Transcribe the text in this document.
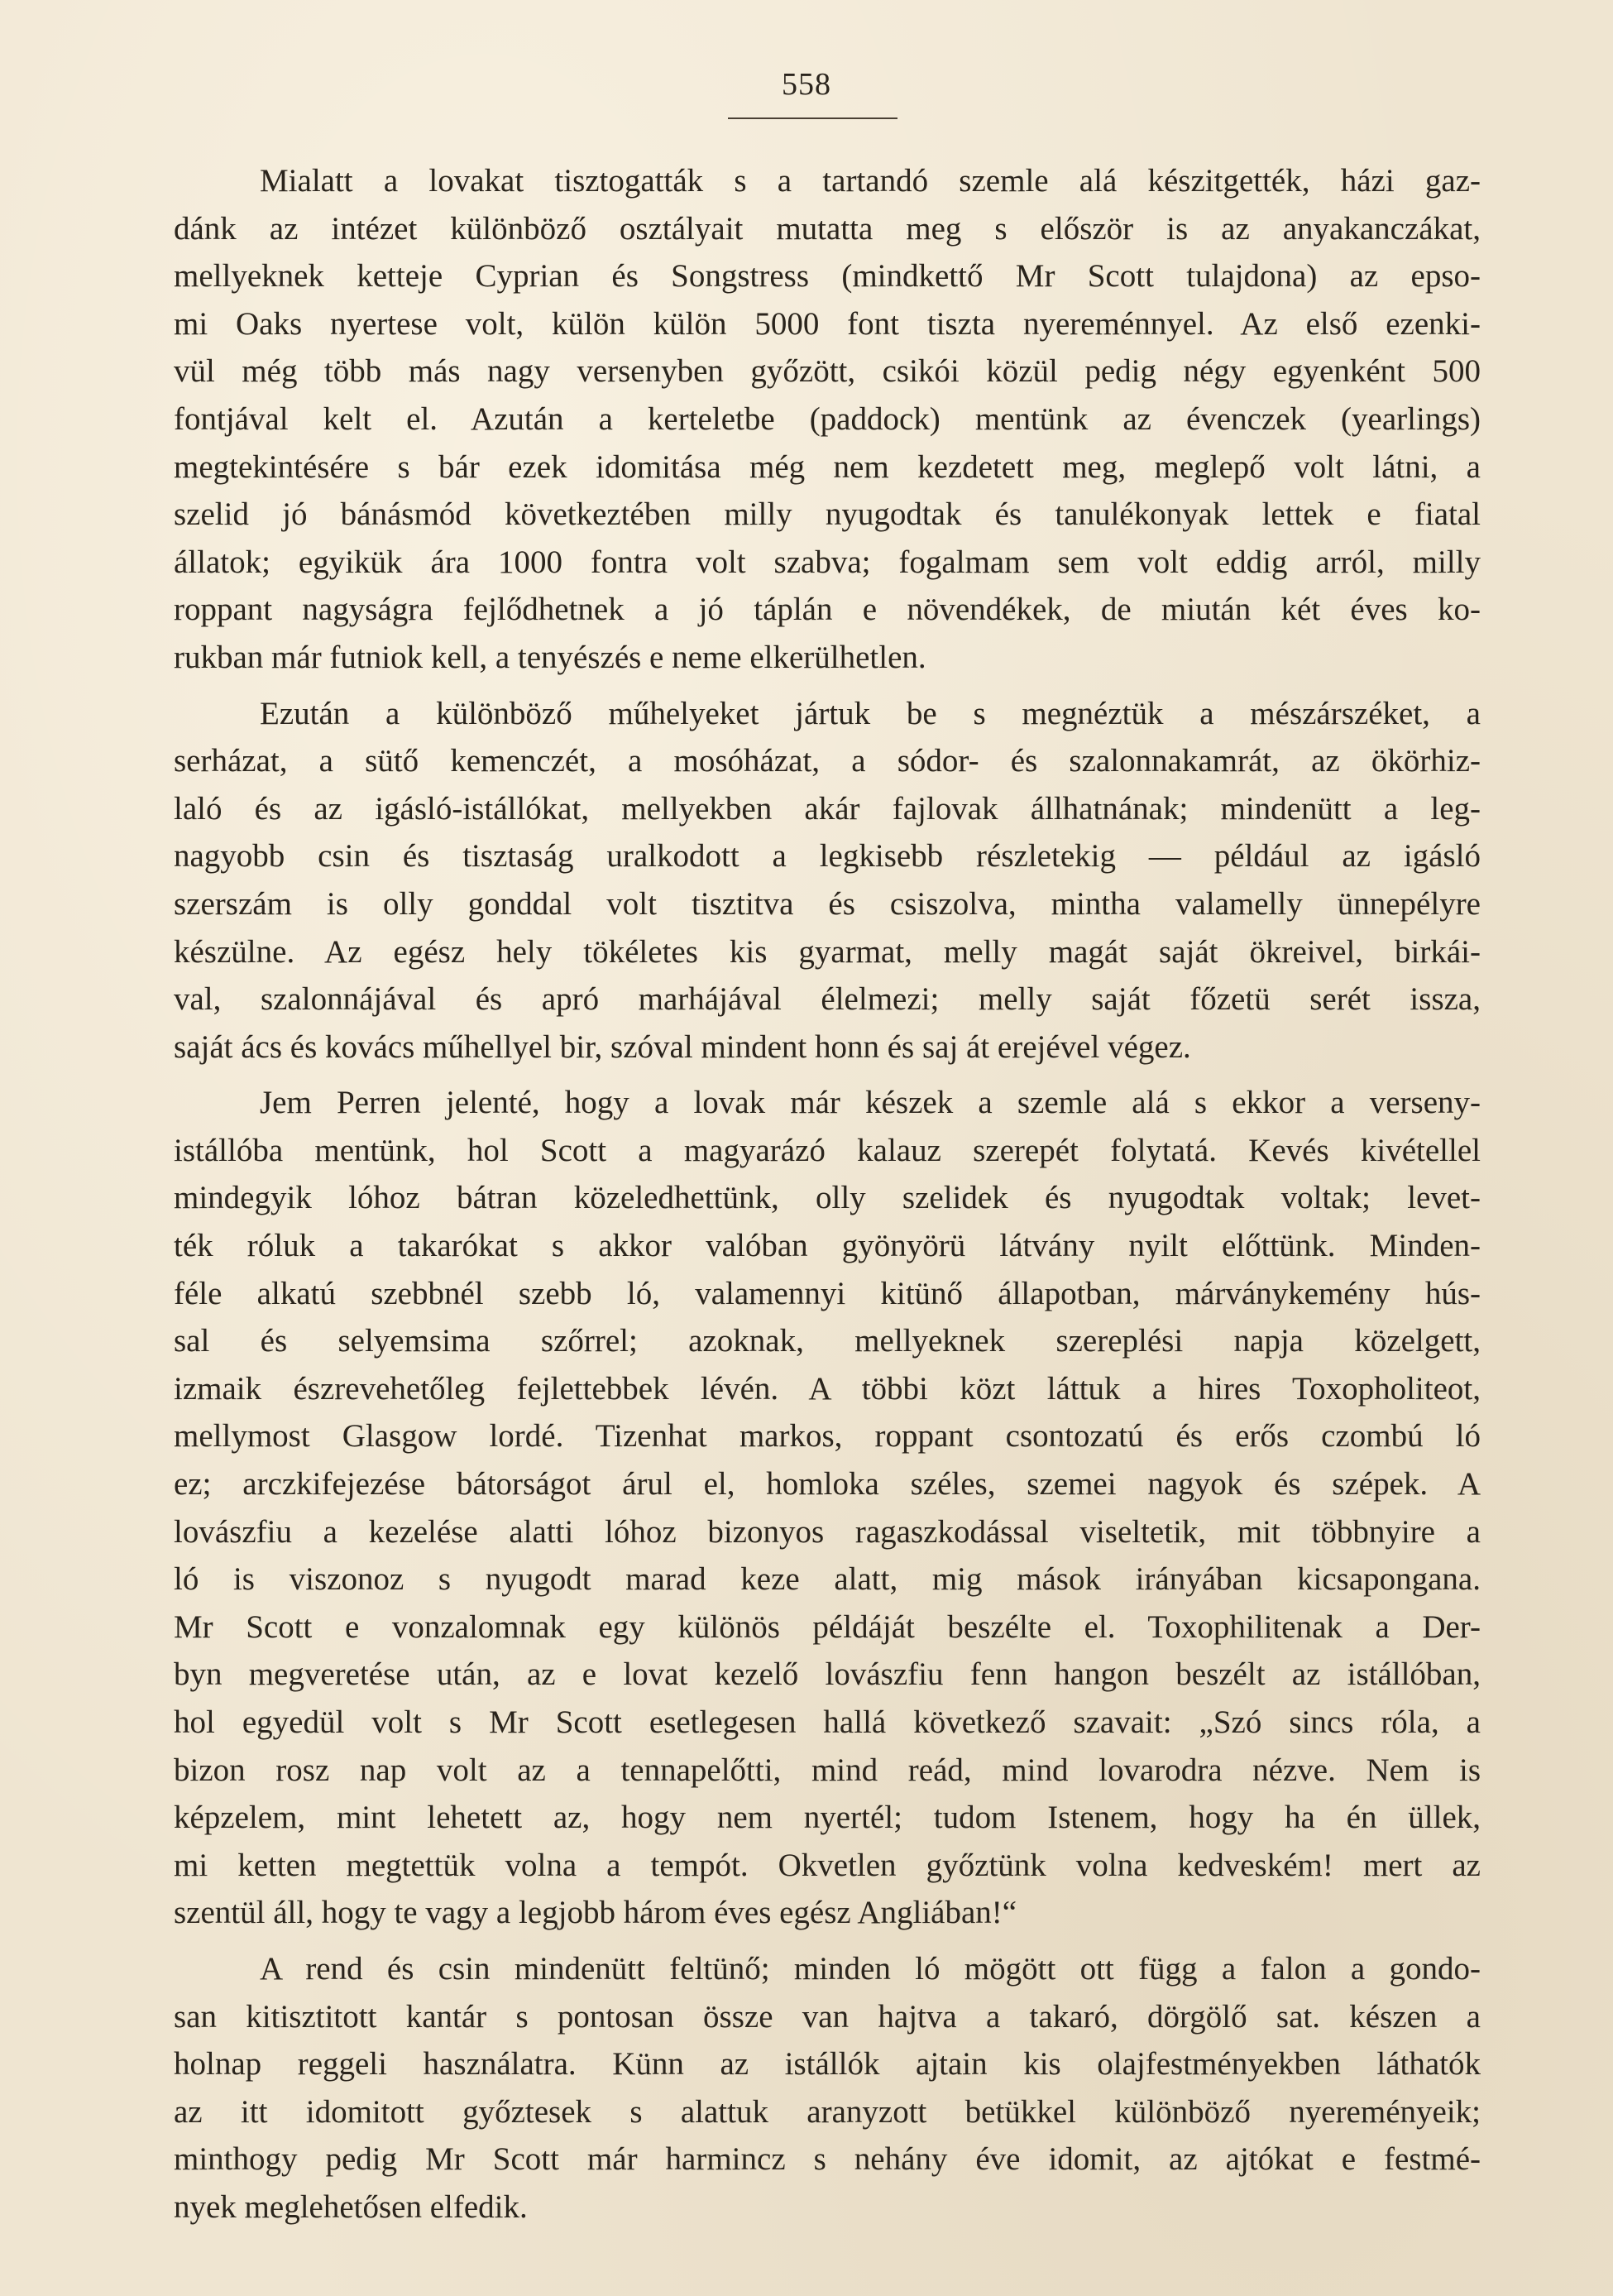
558
Mialatt a lovakat tisztogatták s a tartandó szemle alá készitgették, házi gaz-
dánk az intézet különböző osztályait mutatta meg s először is az anyakanczákat,
mellyeknek ketteje Cyprian és Songstress (mindkettő Mr Scott tulajdona) az epso-
mi Oaks nyertese volt, külön külön 5000 font tiszta nyereménnyel. Az első ezenki-
vül még több más nagy versenyben győzött, csikói közül pedig négy egyenként 500
fontjával kelt el. Azután a kerteletbe (paddock) mentünk az évenczek (yearlings)
megtekintésére s bár ezek idomitása még nem kezdetett meg, meglepő volt látni, a
szelid jó bánásmód következtében milly nyugodtak és tanulékonyak lettek e fiatal
állatok; egyikük ára 1000 fontra volt szabva; fogalmam sem volt eddig arról, milly
roppant nagyságra fejlődhetnek a jó táplán e növendékek, de miután két éves ko-
rukban már futniok kell, a tenyészés e neme elkerülhetlen.
Ezután a különböző műhelyeket jártuk be s megnéztük a mészárszéket, a
serházat, a sütő kemenczét, a mosóházat, a sódor- és szalonnakamrát, az ökörhiz-
laló és az igásló-istállókat, mellyekben akár fajlovak állhatnának; mindenütt a leg-
nagyobb csin és tisztaság uralkodott a legkisebb részletekig — például az igásló
szerszám is olly gonddal volt tisztitva és csiszolva, mintha valamelly ünnepélyre
készülne. Az egész hely tökéletes kis gyarmat, melly magát saját ökreivel, birkái-
val, szalonnájával és apró marhájával élelmezi; melly saját főzetü serét issza,
saját ács és kovács műhellyel bir, szóval mindent honn és saj át erejével végez.
Jem Perren jelenté, hogy a lovak már készek a szemle alá s ekkor a verseny-
istállóba mentünk, hol Scott a magyarázó kalauz szerepét folytatá. Kevés kivétellel
mindegyik lóhoz bátran közeledhettünk, olly szelidek és nyugodtak voltak; levet-
ték róluk a takarókat s akkor valóban gyönyörü látvány nyilt előttünk. Minden-
féle alkatú szebbnél szebb ló, valamennyi kitünő állapotban, márványkemény hús-
sal és selyemsima szőrrel; azoknak, mellyeknek szereplési napja közelgett,
izmaik észrevehetőleg fejlettebbek lévén. A többi közt láttuk a hires Toxopholiteot,
mellymost Glasgow lordé. Tizenhat markos, roppant csontozatú és erős czombú ló
ez; arczkifejezése bátorságot árul el, homloka széles, szemei nagyok és szépek. A
lovászfiu a kezelése alatti lóhoz bizonyos ragaszkodással viseltetik, mit többnyire a
ló is viszonoz s nyugodt marad keze alatt, mig mások irányában kicsapongana.
Mr Scott e vonzalomnak egy különös példáját beszélte el. Toxophilitenak a Der-
byn megveretése után, az e lovat kezelő lovászfiu fenn hangon beszélt az istállóban,
hol egyedül volt s Mr Scott esetlegesen hallá következő szavait: „Szó sincs róla, a
bizon rosz nap volt az a tennapelőtti, mind reád, mind lovarodra nézve. Nem is
képzelem, mint lehetett az, hogy nem nyertél; tudom Istenem, hogy ha én üllek,
mi ketten megtettük volna a tempót. Okvetlen győztünk volna kedveském! mert az
szentül áll, hogy te vagy a legjobb három éves egész Angliában!“
A rend és csin mindenütt feltünő; minden ló mögött ott függ a falon a gondo-
san kitisztitott kantár s pontosan össze van hajtva a takaró, dörgölő sat. készen a
holnap reggeli használatra. Künn az istállók ajtain kis olajfestményekben láthatók
az itt idomitott győztesek s alattuk aranyzott betükkel különböző nyereményeik;
minthogy pedig Mr Scott már harmincz s nehány éve idomit, az ajtókat e festmé-
nyek meglehetősen elfedik.
